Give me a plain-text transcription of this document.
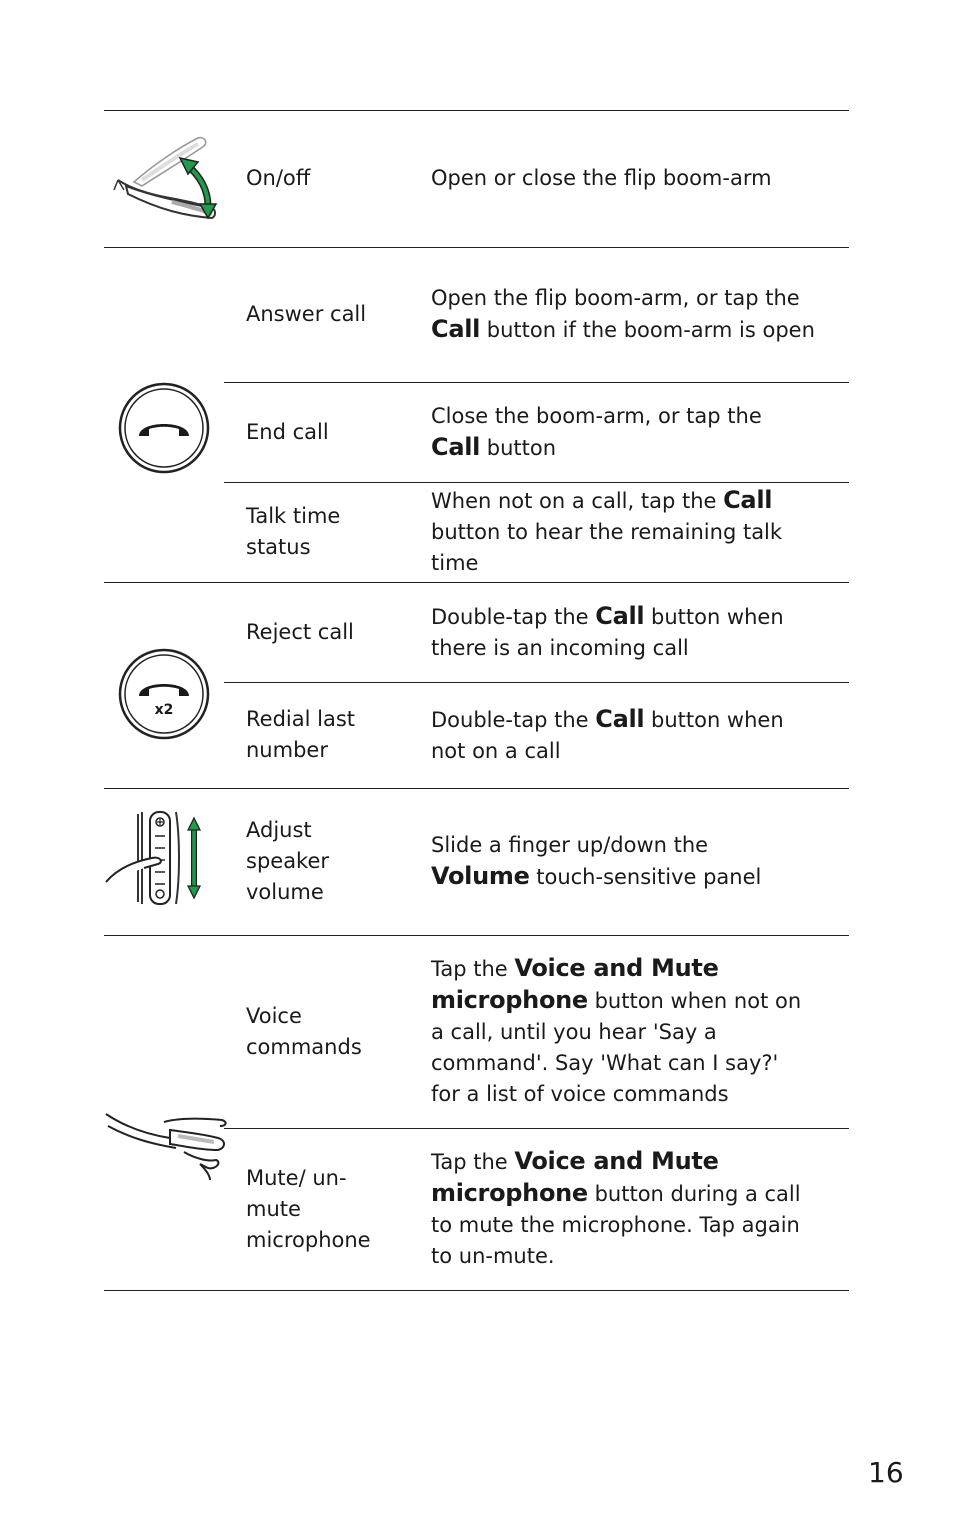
x2
On/off
Answer call
End call
Talk time status
Reject call
Redial last number
Adjust speaker volume
Voice commands
Mute/ un-mute microphone
Open or close the flip boom-arm
Open the flip boom-arm, or tap the Call button if the boom-arm is open
Close the boom-arm, or tap the Call button
When not on a call, tap the Call button to hear the remaining talk time
Double-tap the Call button when there is an incoming call
Double-tap the Call button when not on a call
Slide a finger up/down the Volume touch-sensitive panel
Tap the Voice and Mute microphone button when not on a call, until you hear 'Say a command'. Say 'What can I say?' for a list of voice commands
Tap the Voice and Mute microphone button during a call to mute the microphone. Tap again to un-mute.
16
